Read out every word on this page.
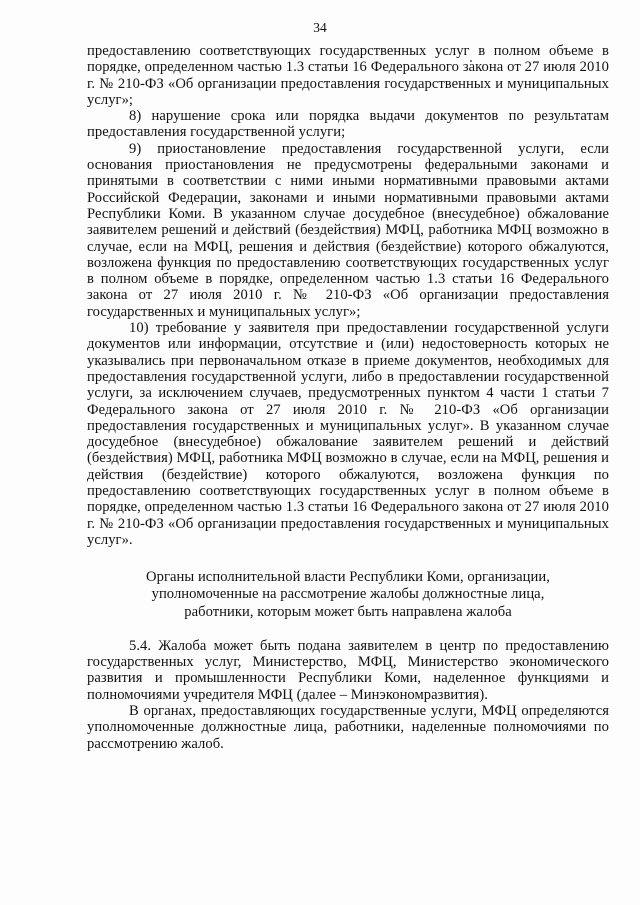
34

предоставлению соответствующих государственных услуг в полном объеме в порядке, определенном частью 1.3 статьи 16 Федерального закона от 27 июля 2010 г. № 210-ФЗ «Об организации предоставления государственных и муниципальных услуг»;

8) нарушение срока или порядка выдачи документов по результатам предоставления государственной услуги;

9) приостановление предоставления государственной услуги, если основания приостановления не предусмотрены федеральными законами и принятыми в соответствии с ними иными нормативными правовыми актами Российской Федерации, законами и иными нормативными правовыми актами Республики Коми. В указанном случае досудебное (внесудебное) обжалование заявителем решений и действий (бездействия) МФЦ, работника МФЦ возможно в случае, если на МФЦ, решения и действия (бездействие) которого обжалуются, возложена функция по предоставлению соответствующих государственных услуг в полном объеме в порядке, определенном частью 1.3 статьи 16 Федерального закона от 27 июля 2010 г. № 210-ФЗ «Об организации предоставления государственных и муниципальных услуг»;

10) требование у заявителя при предоставлении государственной услуги документов или информации, отсутствие и (или) недостоверность которых не указывались при первоначальном отказе в приеме документов, необходимых для предоставления государственной услуги, либо в предоставлении государственной услуги, за исключением случаев, предусмотренных пунктом 4 части 1 статьи 7 Федерального закона от 27 июля 2010 г. № 210-ФЗ «Об организации предоставления государственных и муниципальных услуг». В указанном случае досудебное (внесудебное) обжалование заявителем решений и действий (бездействия) МФЦ, работника МФЦ возможно в случае, если на МФЦ, решения и действия (бездействие) которого обжалуются, возложена функция по предоставлению соответствующих государственных услуг в полном объеме в порядке, определенном частью 1.3 статьи 16 Федерального закона от 27 июля 2010 г. № 210-ФЗ «Об организации предоставления государственных и муниципальных услуг».

Органы исполнительной власти Республики Коми, организации,
уполномоченные на рассмотрение жалобы должностные лица,
работники, которым может быть направлена жалоба

5.4. Жалоба может быть подана заявителем в центр по предоставлению государственных услуг, Министерство, МФЦ, Министерство экономического развития и промышленности Республики Коми, наделенное функциями и полномочиями учредителя МФЦ (далее – Минэкономразвития).

В органах, предоставляющих государственные услуги, МФЦ определяются уполномоченные должностные лица, работники, наделенные полномочиями по рассмотрению жалоб.
